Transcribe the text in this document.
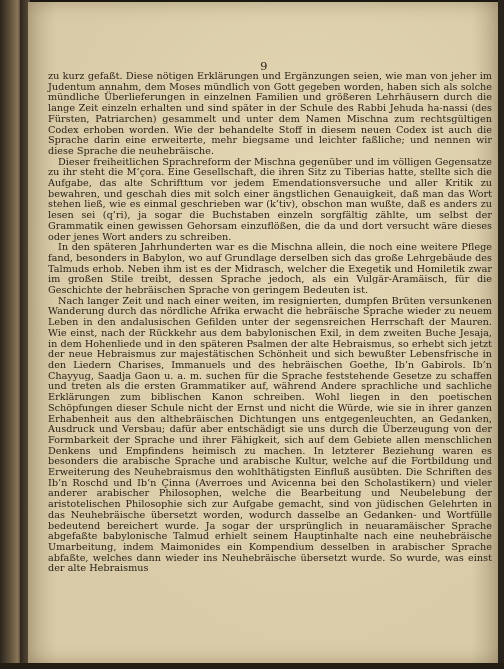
9

zu kurz gefaßt. Diese nötigen Erklärungen und Ergänzungen seien, wie man von jeher im Judentum annahm, dem Moses mündlich von Gott gegeben worden, haben sich als solche mündliche Überlieferungen in einzelnen Familien und größeren Lehrhäusern durch die lange Zeit einzeln erhalten und sind später in der Schule des Rabbi Jehuda ha-nassi (des Fürsten, Patriarchen) gesammelt und unter dem Namen Mischna zum rechtsgültigen Codex erhoben worden. Wie der behandelte Stoff in diesem neuen Codex ist auch die Sprache darin eine erweiterte, mehr biegsame und leichter faßliche; und nennen wir diese Sprache die neuhebräische.

Dieser freiheitlichen Sprachreform der Mischna gegenüber und im völligen Gegensatze zu ihr steht die M’çora. Eine Gesellschaft, die ihren Sitz zu Tiberias hatte, stellte sich die Aufgabe, das alte Schrifttum vor jedem Emendationsversuche und aller Kritik zu bewahren, und geschah dies mit solch einer ängstlichen Genauigkeit, daß man das Wort stehen ließ, wie es einmal geschrieben war (k’tiv), obschon man wußte, daß es anders zu lesen sei (q’ri), ja sogar die Buchstaben einzeln sorgfältig zählte, um selbst der Grammatik einen gewissen Gehorsam einzuflößen, die da und dort versucht wäre dieses oder jenes Wort anders zu schreiben.

In den späteren Jahrhunderten war es die Mischna allein, die noch eine weitere Pflege fand, besonders in Babylon, wo auf Grundlage derselben sich das große Lehrgebäude des Talmuds erhob. Neben ihm ist es der Midrasch, welcher die Exegetik und Homiletik zwar im großen Stile treibt, dessen Sprache jedoch, als ein Vulgär-Aramäisch, für die Geschichte der hebräischen Sprache von geringem Bedeuten ist.

Nach langer Zeit und nach einer weiten, im resignierten, dumpfen Brüten versunkenen Wanderung durch das nördliche Afrika erwacht die hebräische Sprache wieder zu neuem Leben in den andalusischen Gefilden unter der segensreichen Herrschaft der Mauren. Wie einst, nach der Rückkehr aus dem babylonischen Exil, in dem zweiten Buche Jesaja, in dem Hohenliede und in den späteren Psalmen der alte Hebraismus, so erhebt sich jetzt der neue Hebraismus zur majestätischen Schönheit und sich bewußter Lebensfrische in den Liedern Charises, Immanuels und des hebräischen Goethe, Ib’n Gabirols. Ib’n Chayyug, Saadja Gaon u. a. m. suchen für die Sprache feststehende Gesetze zu schaffen und treten als die ersten Grammatiker auf, während Andere sprachliche und sachliche Erklärungen zum biblischen Kanon schreiben. Wohl liegen in den poetischen Schöpfungen dieser Schule nicht der Ernst und nicht die Würde, wie sie in ihrer ganzen Erhabenheit aus den althebräischen Dichtungen uns entgegenleuchten, an Gedanken, Ausdruck und Versbau; dafür aber entschädigt sie uns durch die Überzeugung von der Formbarkeit der Sprache und ihrer Fähigkeit, sich auf dem Gebiete allen menschlichen Denkens und Empfindens heimisch zu machen. In letzterer Beziehung waren es besonders die arabische Sprache und arabische Kultur, welche auf die Fortbildung und Erweiterung des Neuhebraismus den wohlthätigsten Einfluß ausübten. Die Schriften des Ib’n Roschd und Ib’n Çinna (Averroes und Avicenna bei den Scholastikern) und vieler anderer arabischer Philosophen, welche die Bearbeitung und Neubelebung der aristotelischen Philosophie sich zur Aufgabe gemacht, sind von jüdischen Gelehrten in das Neuhebräische übersetzt worden, wodurch dasselbe an Gedanken- und Wortfülle bedeutend bereichert wurde. Ja sogar der ursprünglich in neuaramäischer Sprache abgefaßte babylonische Talmud erhielt seinem Hauptinhalte nach eine neuhebräische Umarbeitung, indem Maimonides ein Kompendium desselben in arabischer Sprache abfaßte, welches dann wieder ins Neuhebräische übersetzt wurde. So wurde, was einst der alte Hebraismus
